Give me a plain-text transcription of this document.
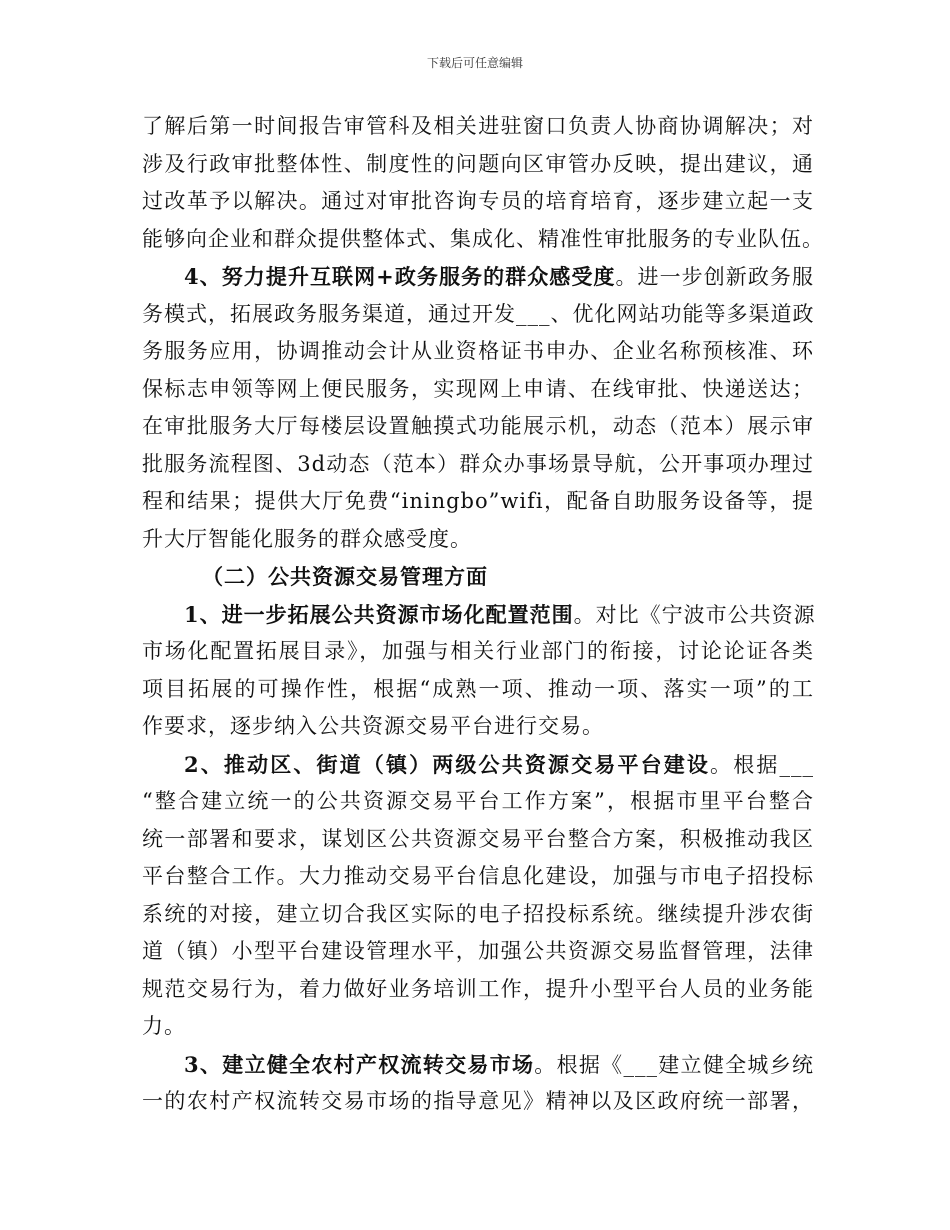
下载后可任意编辑
了解后第一时间报告审管科及相关进驻窗口负责人协商协调解决；对
涉及行政审批整体性、制度性的问题向区审管办反映，提出建议，通
过改革予以解决。通过对审批咨询专员的培育培育，逐步建立起一支
能够向企业和群众提供整体式、集成化、精准性审批服务的专业队伍。
4、努力提升互联网+政务服务的群众感受度。进一步创新政务服
务模式，拓展政务服务渠道，通过开发___、优化网站功能等多渠道政
务服务应用，协调推动会计从业资格证书申办、企业名称预核准、环
保标志申领等网上便民服务，实现网上申请、在线审批、快递送达；
在审批服务大厅每楼层设置触摸式功能展示机，动态（范本）展示审
批服务流程图、3d动态（范本）群众办事场景导航，公开事项办理过
程和结果；提供大厅免费“iningbo”wifi，配备自助服务设备等，提
升大厅智能化服务的群众感受度。
（二）公共资源交易管理方面
1、进一步拓展公共资源市场化配置范围。对比《宁波市公共资源
市场化配置拓展目录》，加强与相关行业部门的衔接，讨论论证各类
项目拓展的可操作性，根据“成熟一项、推动一项、落实一项”的工
作要求，逐步纳入公共资源交易平台进行交易。
2、推动区、街道（镇）两级公共资源交易平台建设。根据___
“整合建立统一的公共资源交易平台工作方案”，根据市里平台整合
统一部署和要求，谋划区公共资源交易平台整合方案，积极推动我区
平台整合工作。大力推动交易平台信息化建设，加强与市电子招投标
系统的对接，建立切合我区实际的电子招投标系统。继续提升涉农街
道（镇）小型平台建设管理水平，加强公共资源交易监督管理，法律
规范交易行为，着力做好业务培训工作，提升小型平台人员的业务能
力。
3、建立健全农村产权流转交易市场。根据《___建立健全城乡统
一的农村产权流转交易市场的指导意见》精神以及区政府统一部署，
